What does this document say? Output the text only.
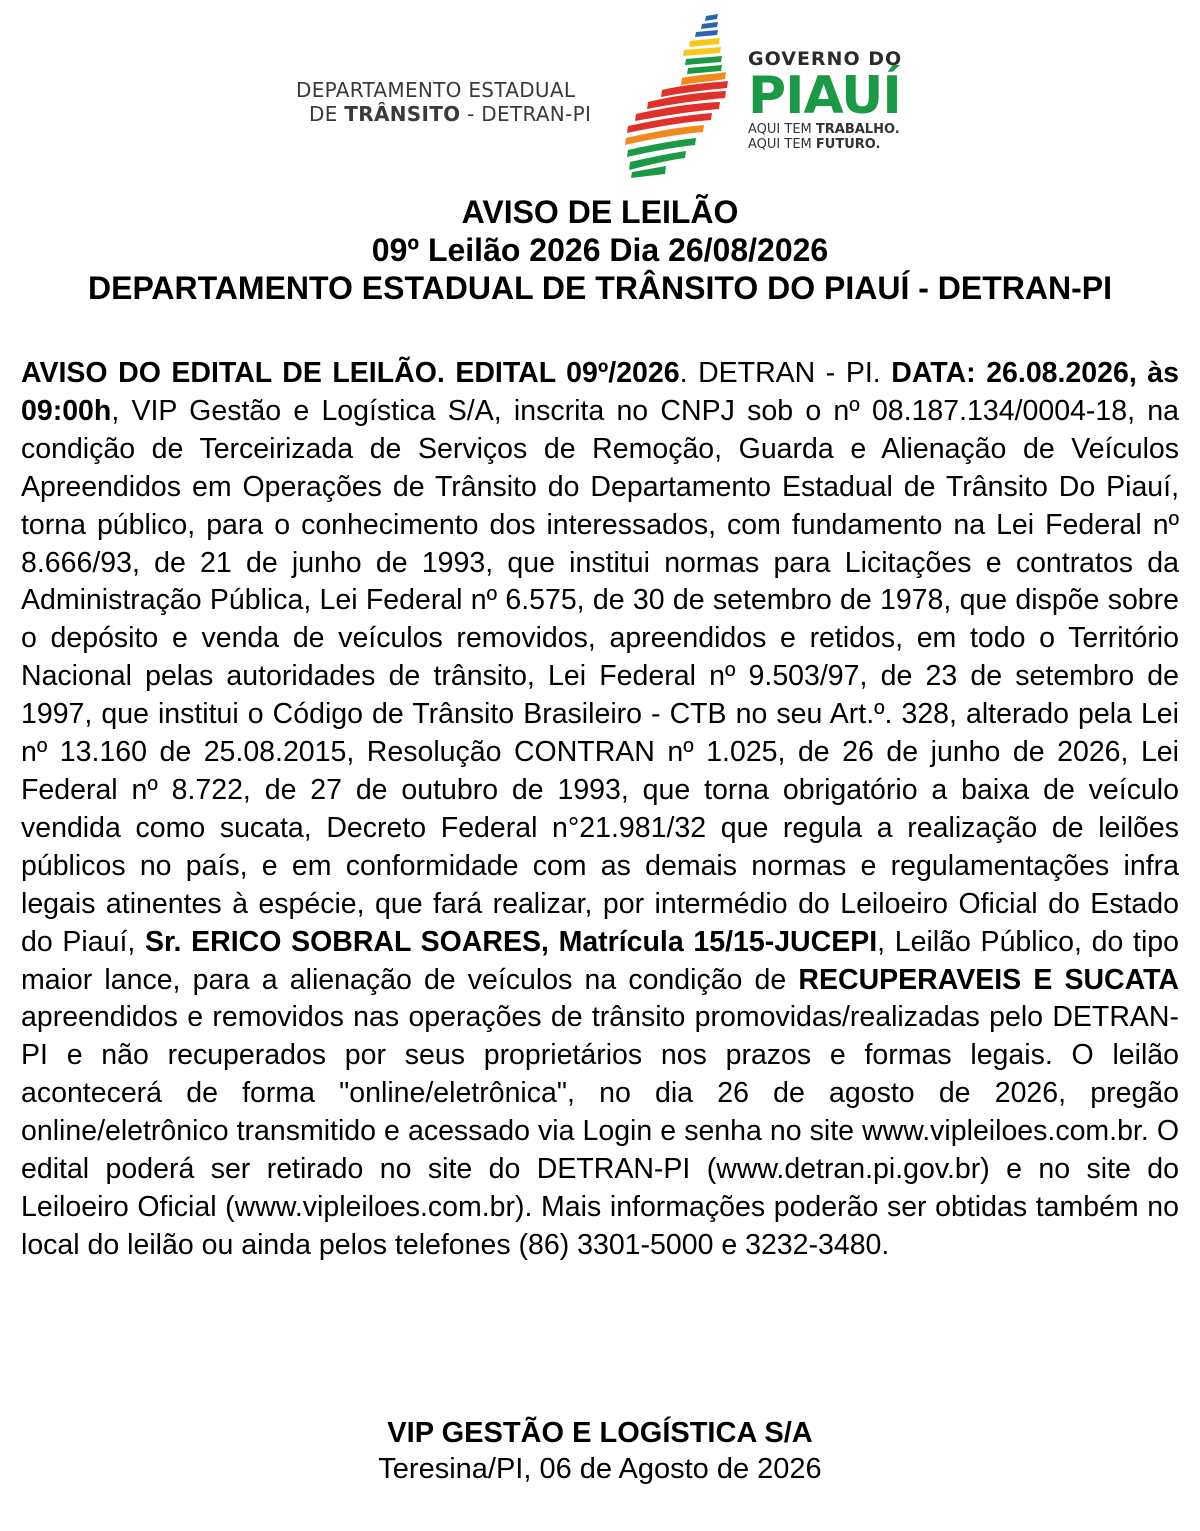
DEPARTAMENTO ESTADUAL
DE TRÂNSITO - DETRAN-PI
GOVERNO DO
PIAUÍ
AQUI TEM TRABALHO.
AQUI TEM FUTURO.
AVISO DE LEILÃO
09º Leilão 2026 Dia 26/08/2026
DEPARTAMENTO ESTADUAL DE TRÂNSITO DO PIAUÍ - DETRAN-PI

AVISO DO EDITAL DE LEILÃO. EDITAL 09º/2026. DETRAN - PI. DATA: 26.08.2026, às 09:00h, VIP Gestão e Logística S/A, inscrita no CNPJ sob o nº 08.187.134/0004-18, na condição de Terceirizada de Serviços de Remoção, Guarda e Alienação de Veículos Apreendidos em Operações de Trânsito do Departamento Estadual de Trânsito Do Piauí, torna público, para o conhecimento dos interessados, com fundamento na Lei Federal nº 8.666/93, de 21 de junho de 1993, que institui normas para Licitações e contratos da Administração Pública, Lei Federal nº 6.575, de 30 de setembro de 1978, que dispõe sobre o depósito e venda de veículos removidos, apreendidos e retidos, em todo o Território Nacional pelas autoridades de trânsito, Lei Federal nº 9.503/97, de 23 de setembro de 1997, que institui o Código de Trânsito Brasileiro - CTB no seu Art.º. 328, alterado pela Lei nº 13.160 de 25.08.2015, Resolução CONTRAN nº 1.025, de 26 de junho de 2026, Lei Federal nº 8.722, de 27 de outubro de 1993, que torna obrigatório a baixa de veículo vendida como sucata, Decreto Federal n°21.981/32 que regula a realização de leilões públicos no país, e em conformidade com as demais normas e regulamentações infra legais atinentes à espécie, que fará realizar, por intermédio do Leiloeiro Oficial do Estado do Piauí, Sr. ERICO SOBRAL SOARES, Matrícula 15/15-JUCEPI, Leilão Público, do tipo maior lance, para a alienação de veículos na condição de RECUPERAVEIS E SUCATA apreendidos e removidos nas operações de trânsito promovidas/realizadas pelo DETRAN-PI e não recuperados por seus proprietários nos prazos e formas legais. O leilão acontecerá de forma "online/eletrônica", no dia 26 de agosto de 2026, pregão online/eletrônico transmitido e acessado via Login e senha no site www.vipleiloes.com.br. O edital poderá ser retirado no site do DETRAN-PI (www.detran.pi.gov.br) e no site do Leiloeiro Oficial (www.vipleiloes.com.br). Mais informações poderão ser obtidas também no local do leilão ou ainda pelos telefones (86) 3301-5000 e 3232-3480.

VIP GESTÃO E LOGÍSTICA S/A
Teresina/PI, 06 de Agosto de 2026
